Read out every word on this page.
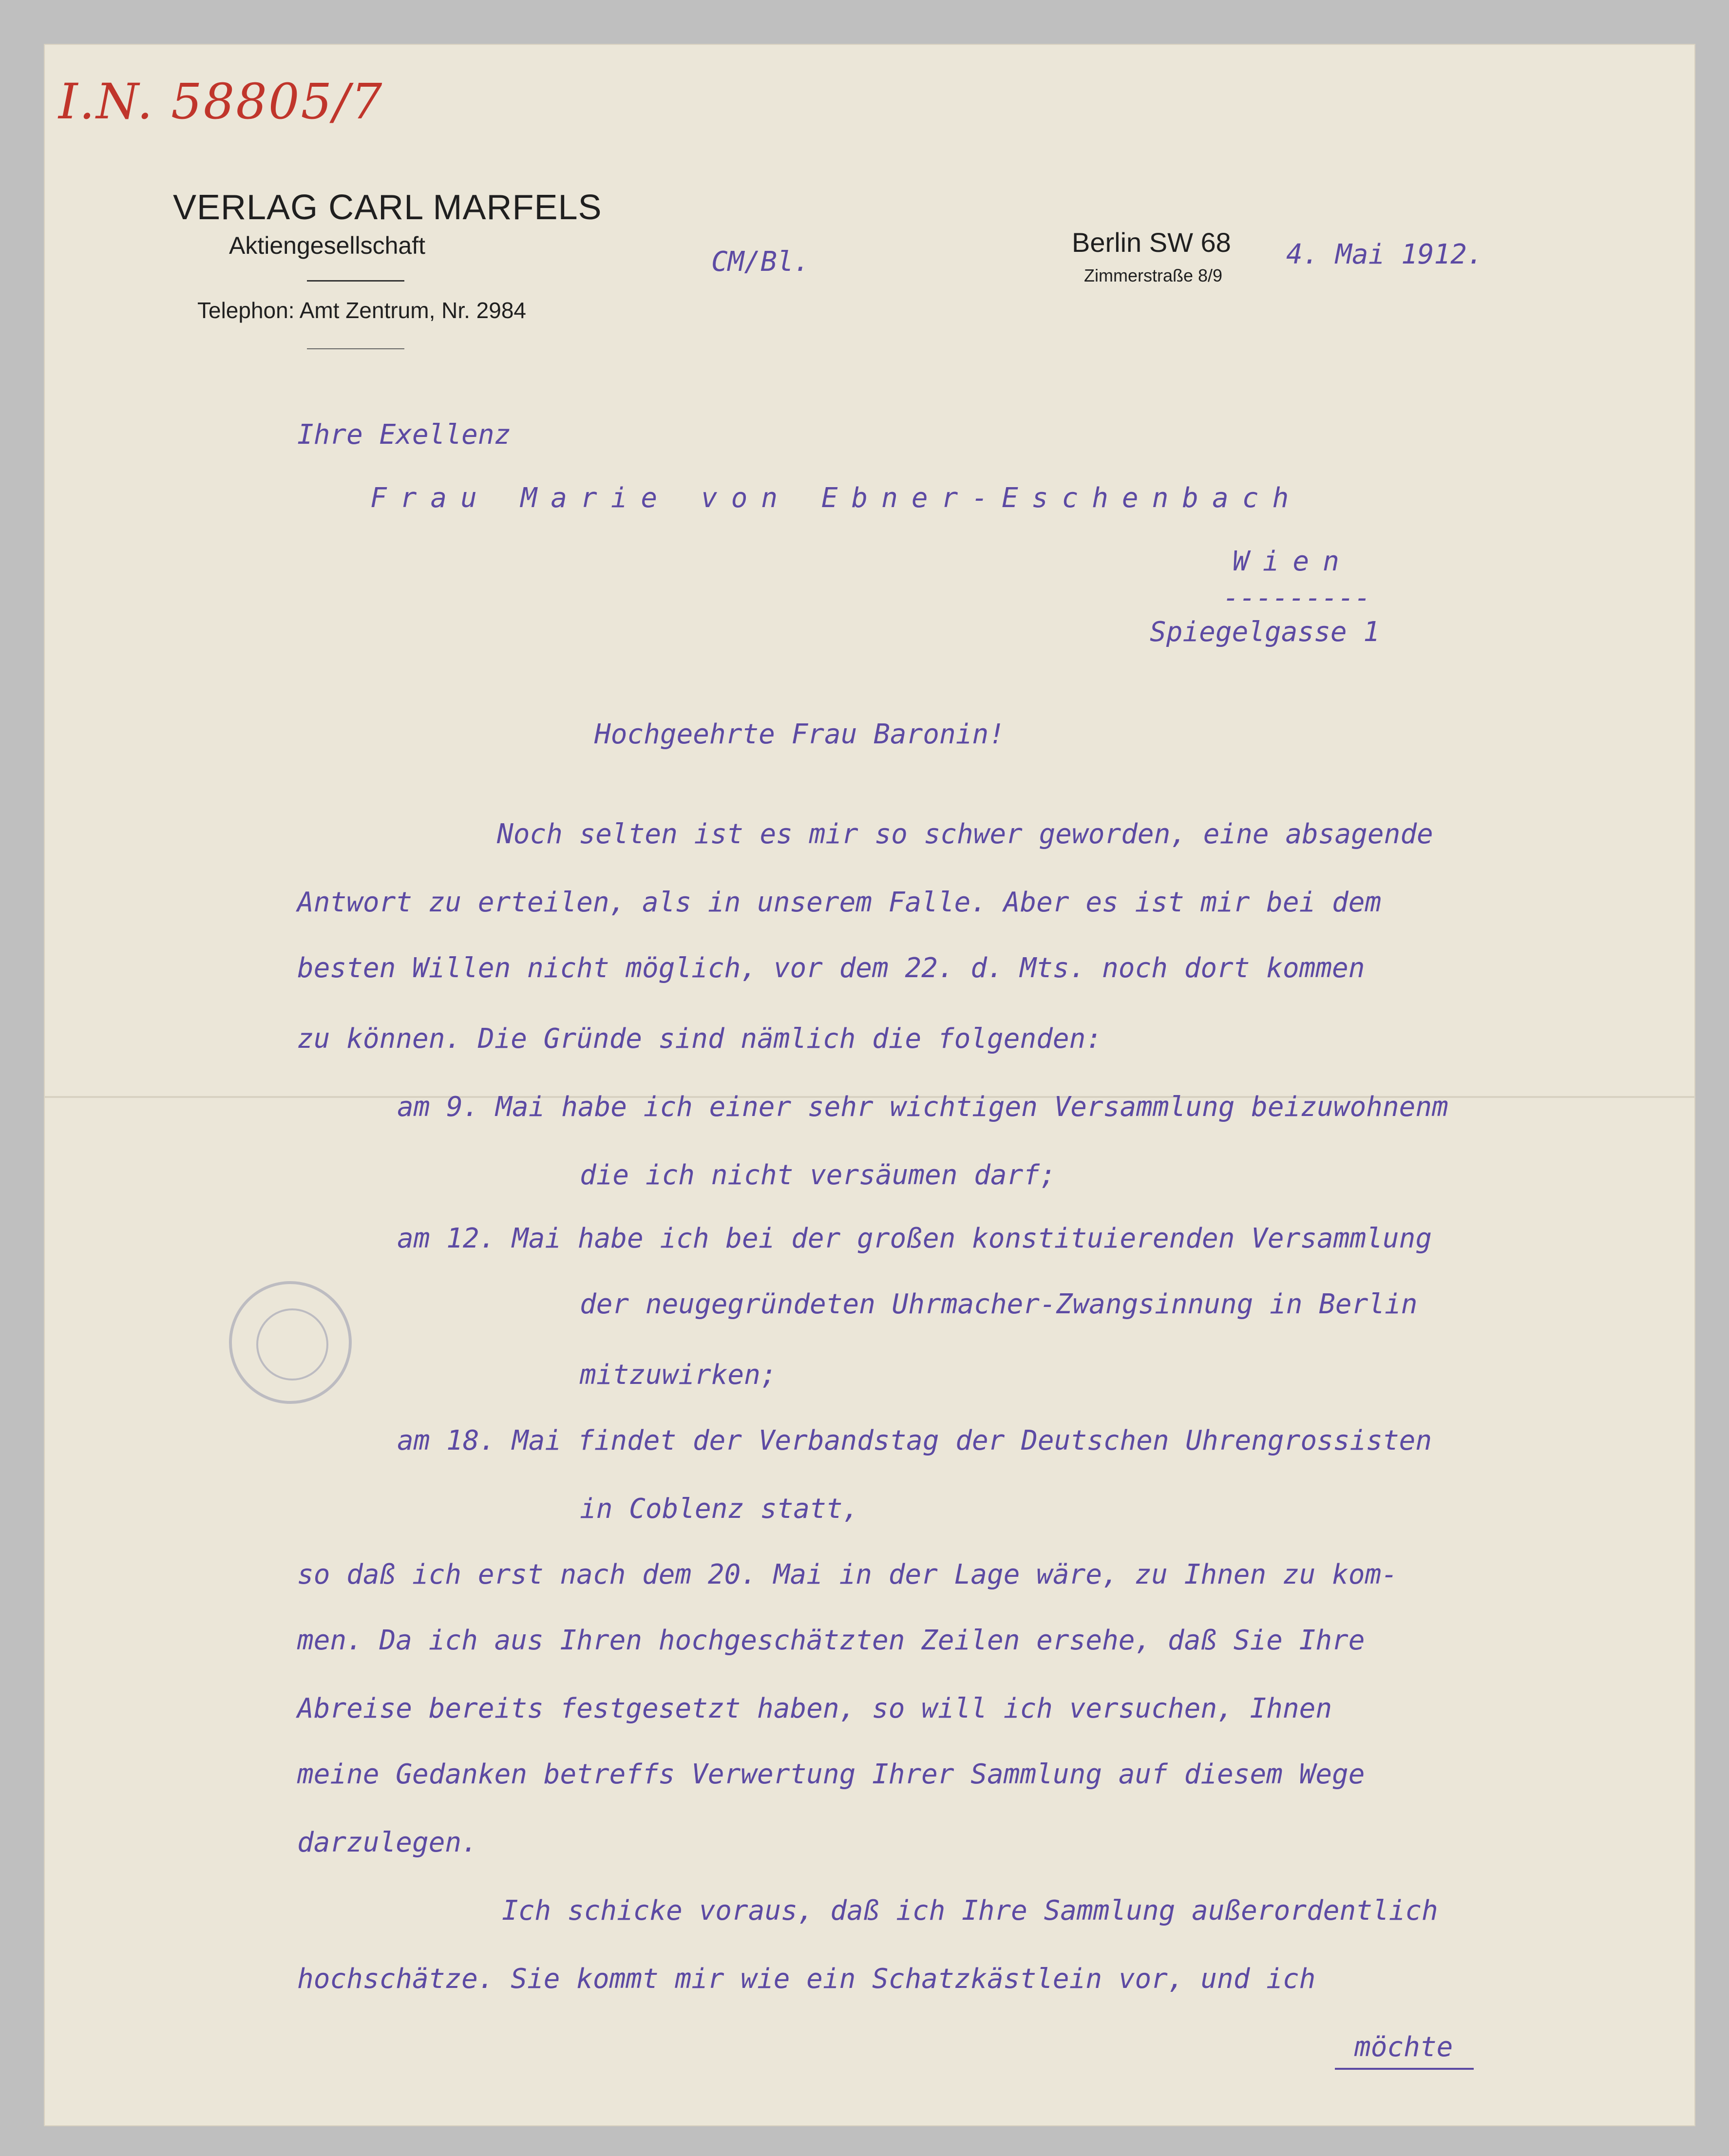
I.N. 58805/7
VERLAG CARL MARFELS
Aktiengesellschaft
Telephon: Amt Zentrum, Nr. 2984
Berlin SW 68
Zimmerstraße 8/9
CM/Bl.	4. Mai 1912.
Ihre Exellenz
Frau Marie von Ebner-Eschenbach
Wien
---------
Spiegelgasse 1
Hochgeehrte Frau Baronin!
Noch selten ist es mir so schwer geworden, eine absagende
Antwort zu erteilen, als in unserem Falle. Aber es ist mir bei dem
besten Willen nicht möglich, vor dem 22. d. Mts. noch dort kommen
zu können. Die Gründe sind nämlich die folgenden:
am 9. Mai habe ich einer sehr wichtigen Versammlung beizuwohnenm
die ich nicht versäumen darf;
am 12. Mai habe ich bei der großen konstituierenden Versammlung
der neugegründeten Uhrmacher-Zwangsinnung in Berlin
mitzuwirken;
am 18. Mai findet der Verbandstag der Deutschen Uhrengrossisten
in Coblenz statt,
so daß ich erst nach dem 20. Mai in der Lage wäre, zu Ihnen zu kom-
men. Da ich aus Ihren hochgeschätzten Zeilen ersehe, daß Sie Ihre
Abreise bereits festgesetzt haben, so will ich versuchen, Ihnen
meine Gedanken betreffs Verwertung Ihrer Sammlung auf diesem Wege
darzulegen.
Ich schicke voraus, daß ich Ihre Sammlung außerordentlich
hochschätze. Sie kommt mir wie ein Schatzkästlein vor, und ich
möchte
